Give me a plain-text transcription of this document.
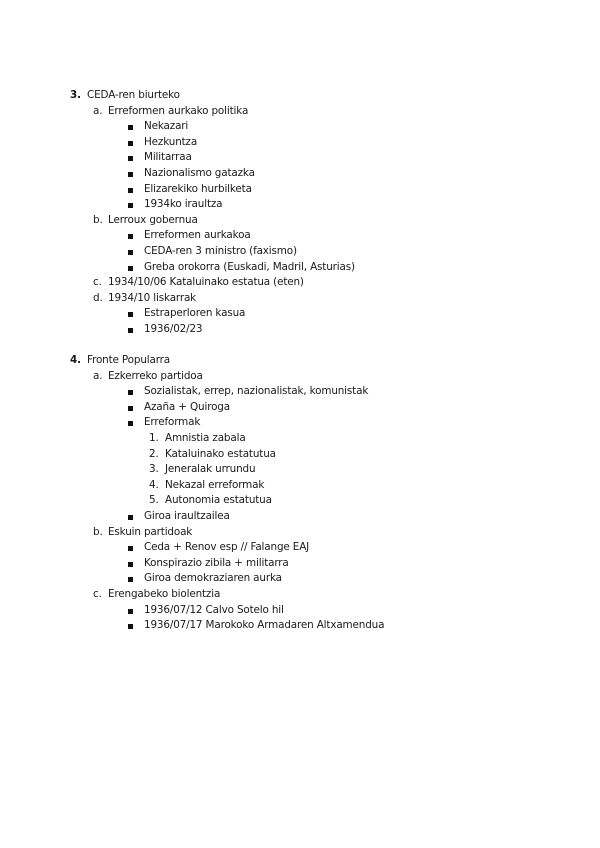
3. CEDA-ren biurteko
a. Erreformen aurkako politika
Nekazari
Hezkuntza
Militarraa
Nazionalismo gatazka
Elizarekiko hurbilketa
1934ko iraultza
b. Lerroux gobernua
Erreformen aurkakoa
CEDA-ren 3 ministro (faxismo)
Greba orokorra (Euskadi, Madril, Asturias)
c. 1934/10/06 Kataluinako estatua (eten)
d. 1934/10 liskarrak
Estraperloren kasua
1936/02/23
4. Fronte Popularra
a. Ezkerreko partidoa
Sozialistak, errep, nazionalistak, komunistak
Azaña + Quiroga
Erreformak
1. Amnistia zabala
2. Kataluinako estatutua
3. Jeneralak urrundu
4. Nekazal erreformak
5. Autonomia estatutua
Giroa iraultzailea
b. Eskuin partidoak
Ceda + Renov esp // Falange EAJ
Konspirazio zibila + militarra
Giroa demokraziaren aurka
c. Erengabeko biolentzia
1936/07/12 Calvo Sotelo hil
1936/07/17 Marokoko Armadaren Altxamendua
